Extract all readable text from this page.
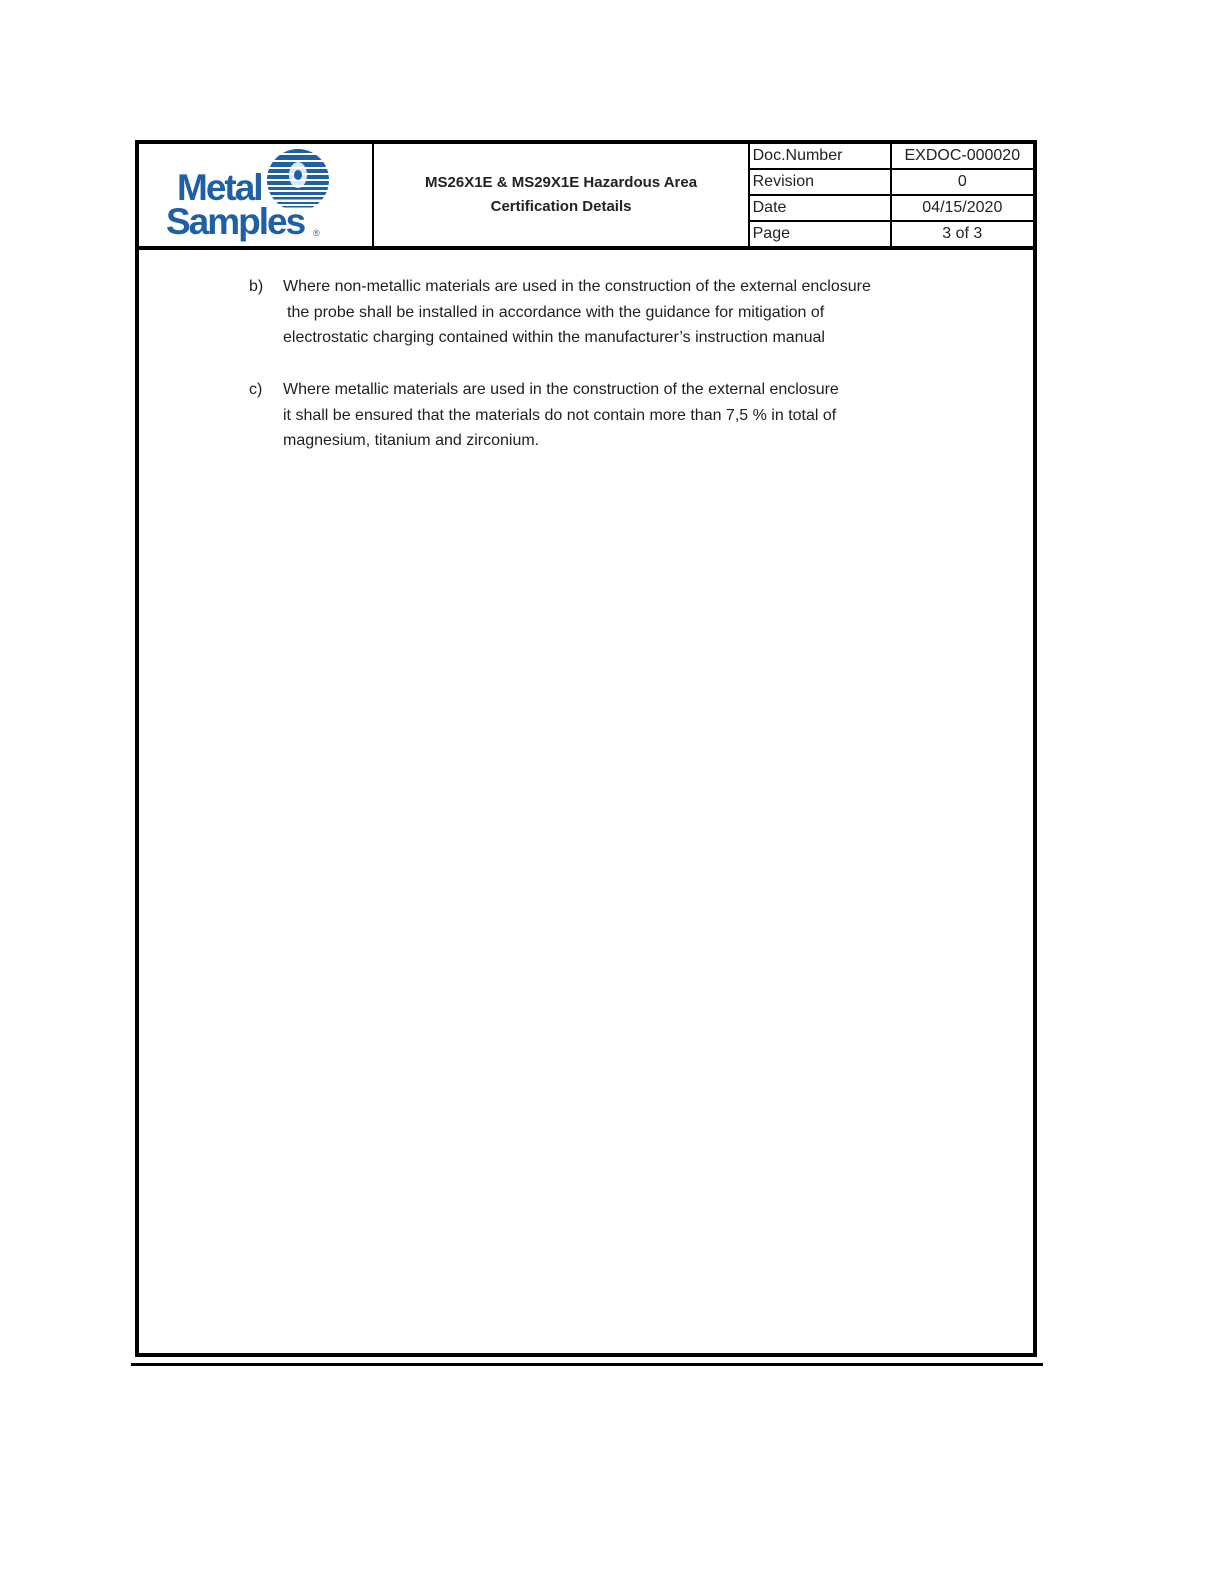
Metal
Samples ®
MS26X1E & MS29X1E Hazardous Area
Certification Details
Doc.Number	EXDOC-000020
Revision	0
Date	04/15/2020
Page	3 of 3
b) Where non-metallic materials are used in the construction of the external enclosure
the probe shall be installed in accordance with the guidance for mitigation of
electrostatic charging contained within the manufacturer’s instruction manual
c) Where metallic materials are used in the construction of the external enclosure
it shall be ensured that the materials do not contain more than 7,5 % in total of
magnesium, titanium and zirconium.
